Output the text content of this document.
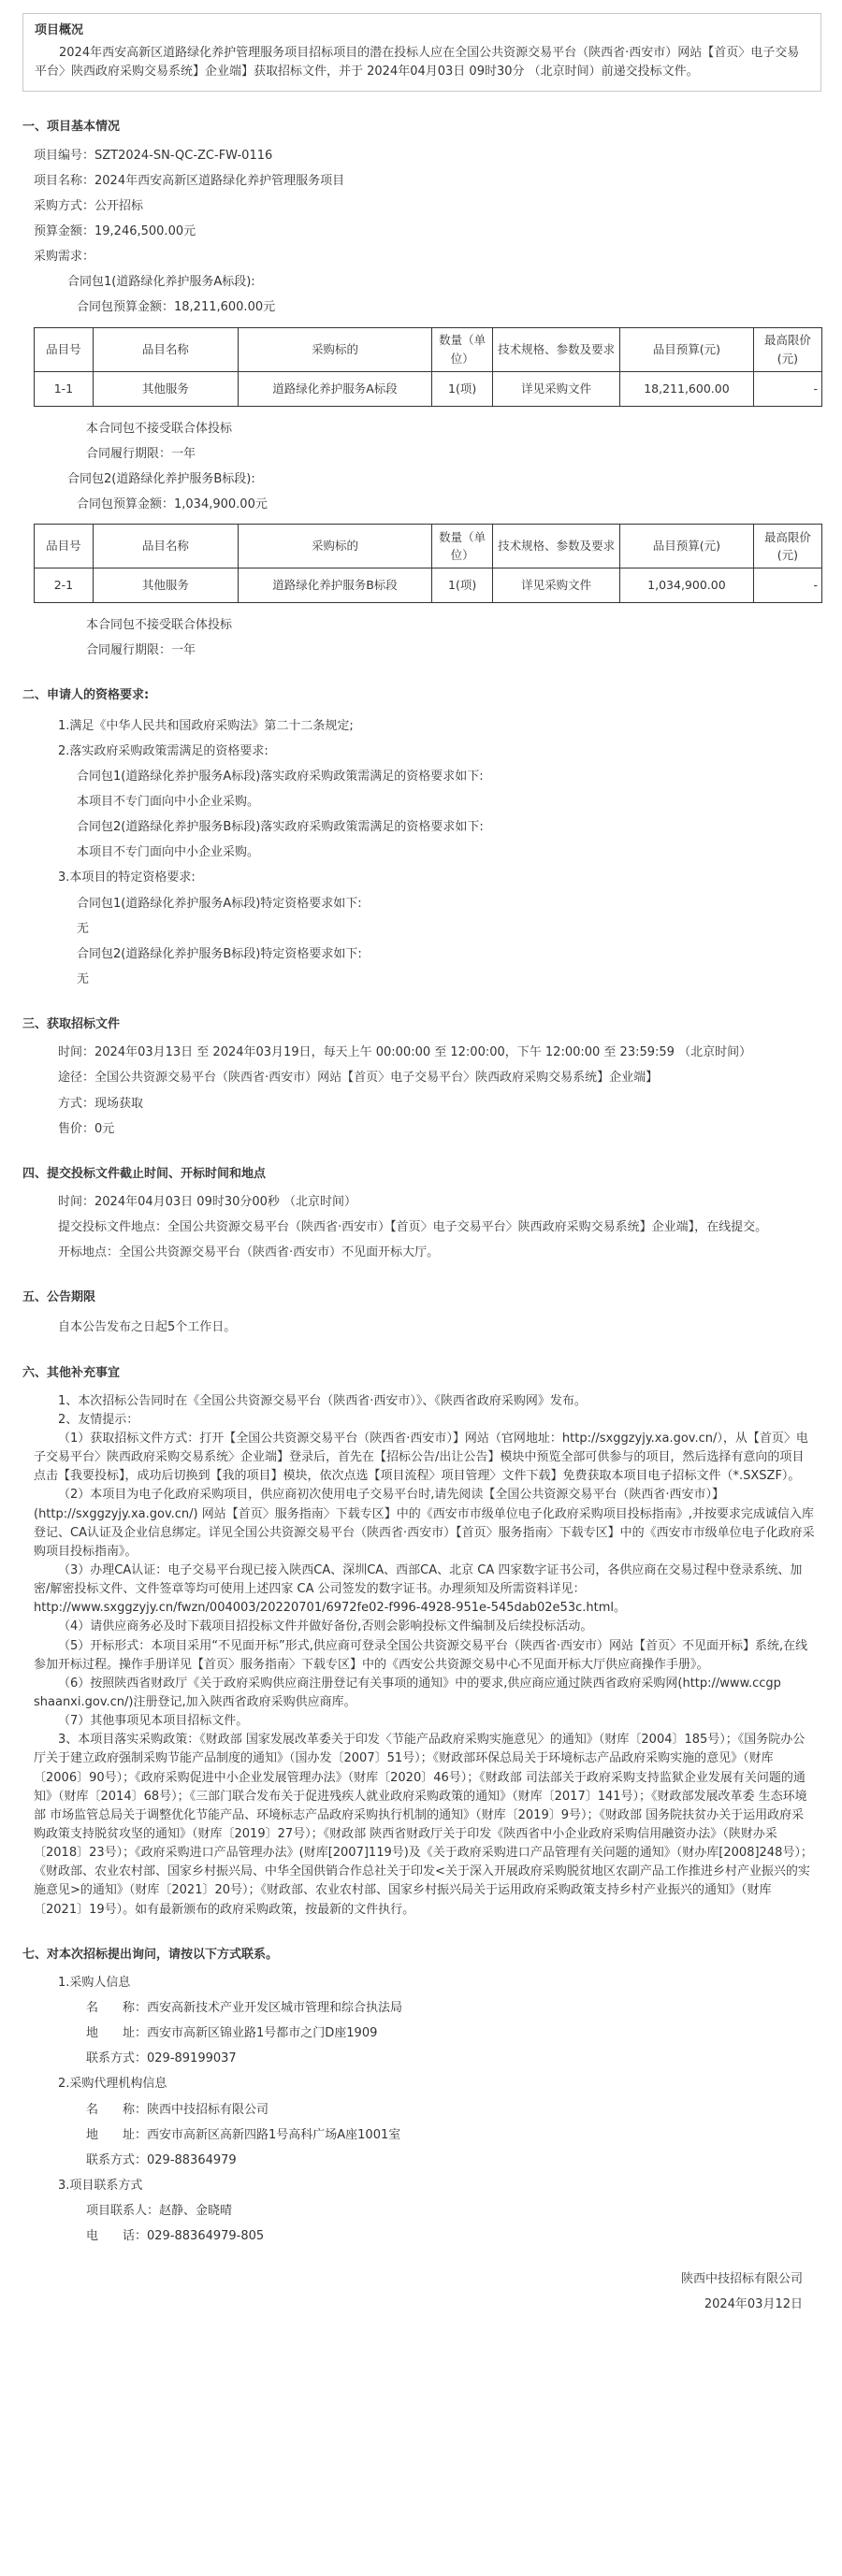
项目概况

2024年西安高新区道路绿化养护管理服务项目招标项目的潜在投标人应在全国公共资源交易平台（陕西省·西安市）网站【首页〉电子交易平台〉陕西政府采购交易系统】企业端】获取招标文件，并于 2024年04月03日 09时30分 （北京时间）前递交投标文件。

一、项目基本情况

项目编号：SZT2024-SN-QC-ZC-FW-0116

项目名称：2024年西安高新区道路绿化养护管理服务项目

采购方式：公开招标

预算金额：19,246,500.00元

采购需求：

合同包1(道路绿化养护服务A标段):

合同包预算金额：18,211,600.00元

品目号	品目名称	采购标的	数量（单位）	技术规格、参数及要求	品目预算(元)	最高限价(元)
1-1	其他服务	道路绿化养护服务A标段	1(项)	详见采购文件	18,211,600.00	-

本合同包不接受联合体投标

合同履行期限：一年

合同包2(道路绿化养护服务B标段):

合同包预算金额：1,034,900.00元

品目号	品目名称	采购标的	数量（单位）	技术规格、参数及要求	品目预算(元)	最高限价(元)
2-1	其他服务	道路绿化养护服务B标段	1(项)	详见采购文件	1,034,900.00	-

本合同包不接受联合体投标

合同履行期限：一年

二、申请人的资格要求:

1.满足《中华人民共和国政府采购法》第二十二条规定;

2.落实政府采购政策需满足的资格要求:

合同包1(道路绿化养护服务A标段)落实政府采购政策需满足的资格要求如下:

本项目不专门面向中小企业采购。

合同包2(道路绿化养护服务B标段)落实政府采购政策需满足的资格要求如下:

本项目不专门面向中小企业采购。

3.本项目的特定资格要求:

合同包1(道路绿化养护服务A标段)特定资格要求如下:

无

合同包2(道路绿化养护服务B标段)特定资格要求如下:

无

三、获取招标文件

时间：2024年03月13日 至 2024年03月19日，每天上午 00:00:00 至 12:00:00，下午 12:00:00 至 23:59:59 （北京时间）

途径：全国公共资源交易平台（陕西省·西安市）网站【首页〉电子交易平台〉陕西政府采购交易系统】企业端】

方式：现场获取

售价：0元

四、提交投标文件截止时间、开标时间和地点

时间：2024年04月03日 09时30分00秒 （北京时间）

提交投标文件地点：全国公共资源交易平台（陕西省·西安市）【首页〉电子交易平台〉陕西政府采购交易系统】企业端】，在线提交。

开标地点：全国公共资源交易平台（陕西省·西安市）不见面开标大厅。

五、公告期限

自本公告发布之日起5个工作日。

六、其他补充事宜

1、本次招标公告同时在《全国公共资源交易平台（陕西省·西安市）》、《陕西省政府采购网》发布。

2、友情提示：

（1）获取招标文件方式：打开【全国公共资源交易平台（陕西省·西安市）】网站（官网地址：http://sxggzyjy.xa.gov.cn/），从【首页〉电子交易平台〉陕西政府采购交易系统〉企业端】登录后，首先在【招标公告/出让公告】模块中预览全部可供参与的项目，然后选择有意向的项目点击【我要投标】，成功后切换到【我的项目】模块，依次点选【项目流程〉项目管理〉文件下载】免费获取本项目电子招标文件（*.SXSZF）。

（2）本项目为电子化政府采购项目，供应商初次使用电子交易平台时,请先阅读【全国公共资源交易平台（陕西省·西安市）】(http://sxggzyjy.xa.gov.cn/) 网站【首页〉服务指南〉下载专区】中的《西安市市级单位电子化政府采购项目投标指南》,并按要求完成诚信入库登记、CA认证及企业信息绑定。详见全国公共资源交易平台（陕西省·西安市）【首页〉服务指南〉下载专区】中的《西安市市级单位电子化政府采购项目投标指南》。

（3）办理CA认证：电子交易平台现已接入陕西CA、深圳CA、西部CA、北京 CA 四家数字证书公司，各供应商在交易过程中登录系统、加密/解密投标文件、文件签章等均可使用上述四家 CA 公司签发的数字证书。办理须知及所需资料详见：http://www.sxggzyjy.cn/fwzn/004003/20220701/6972fe02-f996-4928-951e-545dab02e53c.html。

（4）请供应商务必及时下载项目招投标文件并做好备份,否则会影响投标文件编制及后续投标活动。

（5）开标形式：本项目采用“不见面开标”形式,供应商可登录全国公共资源交易平台（陕西省·西安市）网站【首页〉不见面开标】系统,在线参加开标过程。操作手册详见【首页〉服务指南〉下载专区】中的《西安公共资源交易中心不见面开标大厅供应商操作手册》。

（6）按照陕西省财政厅《关于政府采购供应商注册登记有关事项的通知》中的要求,供应商应通过陕西省政府采购网(http://www.ccgp shaanxi.gov.cn/)注册登记,加入陕西省政府采购供应商库。

（7）其他事项见本项目招标文件。

3、本项目落实采购政策：《财政部 国家发展改革委关于印发〈节能产品政府采购实施意见〉的通知》（财库〔2004〕185号）；《国务院办公厅关于建立政府强制采购节能产品制度的通知》（国办发〔2007〕51号）；《财政部环保总局关于环境标志产品政府采购实施的意见》（财库〔2006〕90号）；《政府采购促进中小企业发展管理办法》（财库〔2020〕46号）；《财政部 司法部关于政府采购支持监狱企业发展有关问题的通知》（财库〔2014〕68号）；《三部门联合发布关于促进残疾人就业政府采购政策的通知》（财库〔2017〕141号）；《财政部发展改革委 生态环境部 市场监管总局关于调整优化节能产品、环境标志产品政府采购执行机制的通知》（财库〔2019〕9号）；《财政部 国务院扶贫办关于运用政府采购政策支持脱贫攻坚的通知》（财库〔2019〕27号）；《财政部 陕西省财政厅关于印发《陕西省中小企业政府采购信用融资办法》（陕财办采〔2018〕23号）；《政府采购进口产品管理办法》(财库[2007]119号)及《关于政府采购进口产品管理有关问题的通知》（财办库[2008]248号）；《财政部、农业农村部、国家乡村振兴局、中华全国供销合作总社关于印发<关于深入开展政府采购脱贫地区农副产品工作推进乡村产业振兴的实施意见>的通知》（财库〔2021〕20号）；《财政部、农业农村部、国家乡村振兴局关于运用政府采购政策支持乡村产业振兴的通知》（财库〔2021〕19号）。如有最新颁布的政府采购政策，按最新的文件执行。

七、对本次招标提出询问，请按以下方式联系。

1.采购人信息

名　　称：西安高新技术产业开发区城市管理和综合执法局

地　　址：西安市高新区锦业路1号都市之门D座1909

联系方式：029-89199037

2.采购代理机构信息

名　　称：陕西中技招标有限公司

地　　址：西安市高新区高新四路1号高科广场A座1001室

联系方式：029-88364979

3.项目联系方式

项目联系人：赵静、金晓晴

电　　话：029-88364979-805

陕西中技招标有限公司

2024年03月12日
